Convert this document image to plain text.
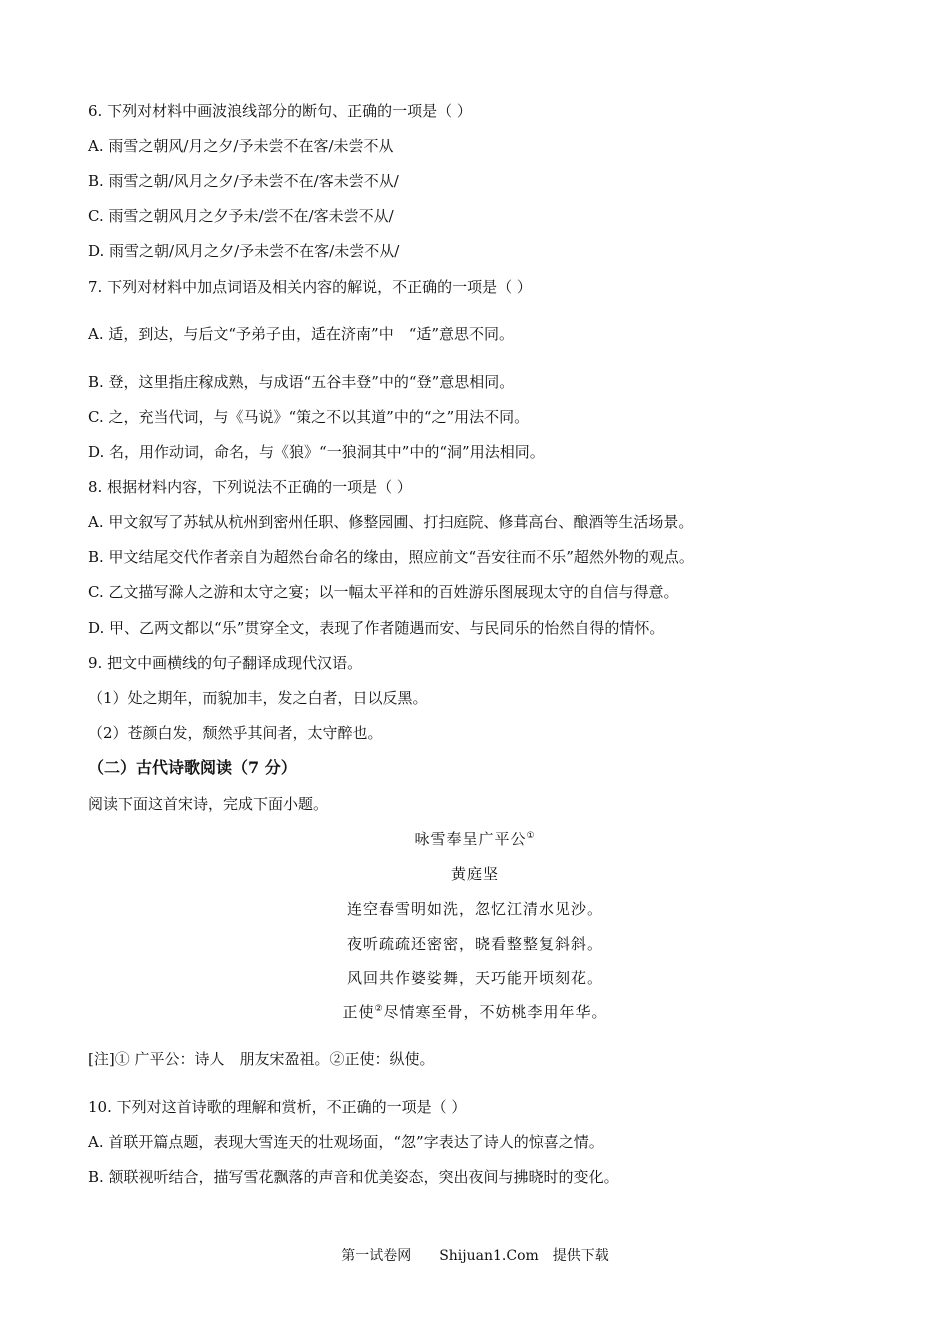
6. 下列对材料中画波浪线部分的断句、正确的一项是（ ）
A. 雨雪之朝风/月之夕/予未尝不在客/未尝不从
B. 雨雪之朝/风月之夕/予未尝不在/客未尝不从/
C. 雨雪之朝风月之夕予未/尝不在/客未尝不从/
D. 雨雪之朝/风月之夕/予未尝不在客/未尝不从/
7. 下列对材料中加点词语及相关内容的解说，不正确的一项是（ ）
A. 适，到达，与后文“予弟子由，适在济南”中　“适”意思不同。
B. 登，这里指庄稼成熟，与成语“五谷丰登”中的“登”意思相同。
C. 之，充当代词，与《马说》“策之不以其道”中的“之”用法不同。
D. 名，用作动词，命名，与《狼》“一狼洞其中”中的“洞”用法相同。
8. 根据材料内容，下列说法不正确的一项是（ ）
A. 甲文叙写了苏轼从杭州到密州任职、修整园圃、打扫庭院、修葺高台、酿酒等生活场景。
B. 甲文结尾交代作者亲自为超然台命名的缘由，照应前文“吾安往而不乐”超然外物的观点。
C. 乙文描写滁人之游和太守之宴；以一幅太平祥和的百姓游乐图展现太守的自信与得意。
D. 甲、乙两文都以“乐”贯穿全文，表现了作者随遇而安、与民同乐的怡然自得的情怀。
9. 把文中画横线的句子翻译成现代汉语。
（1）处之期年，而貌加丰，发之白者，日以反黑。
（2）苍颜白发，颓然乎其间者，太守醉也。
（二）古代诗歌阅读（7 分）
阅读下面这首宋诗，完成下面小题。
咏雪奉呈广平公①
黄庭坚
连空春雪明如洗，忽忆江清水见沙。
夜听疏疏还密密，晓看整整复斜斜。
风回共作婆娑舞，天巧能开顷刻花。
正使②尽情寒至骨，不妨桃李用年华。
[注]① 广平公：诗人　朋友宋盈祖。②正使：纵使。
10. 下列对这首诗歌的理解和赏析，不正确的一项是（ ）
A. 首联开篇点题，表现大雪连天的壮观场面，“忽”字表达了诗人的惊喜之情。
B. 颔联视听结合，描写雪花飘落的声音和优美姿态，突出夜间与拂晓时的变化。
第一试卷网　　Shijuan1.Com　提供下载
